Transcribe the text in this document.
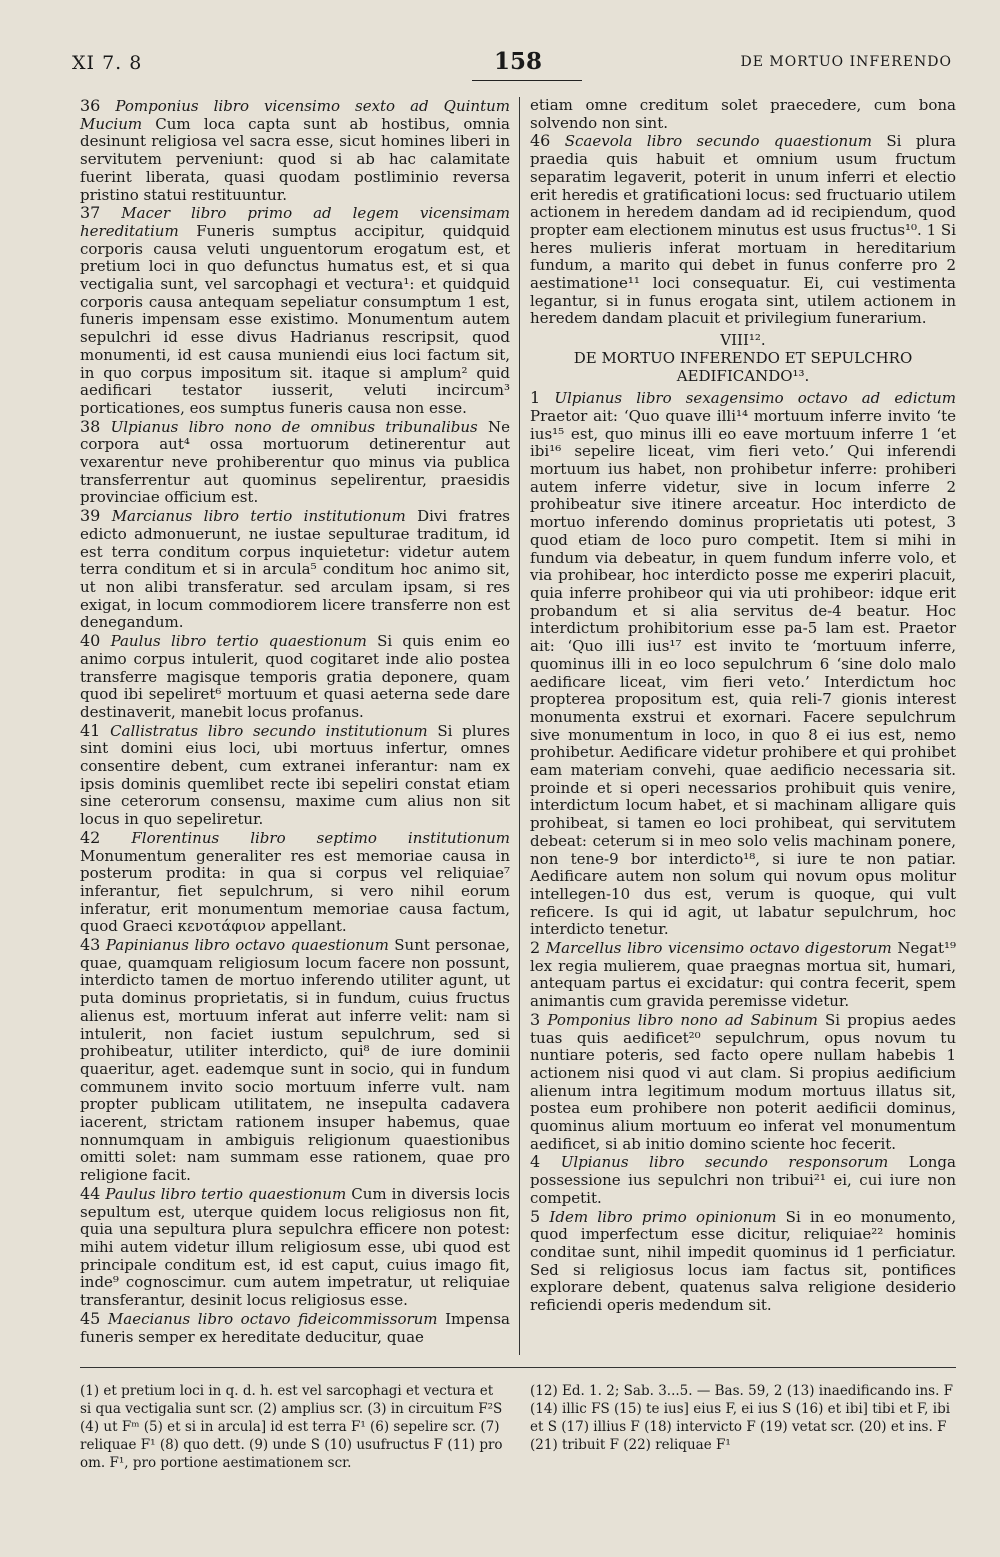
XI 7. 8	158	DE MORTUO INFERENDO

36 Pomponius libro vicensimo sexto ad Quintum Mucium Cum loca capta sunt ab hostibus, omnia desinunt religiosa vel sacra esse, sicut homines liberi in servitutem perveniunt: quod si ab hac calamitate fuerint liberata, quasi quodam postliminio reversa pristino statui restituuntur.

37 Macer libro primo ad legem vicensimam hereditatium Funeris sumptus accipitur, quidquid corporis causa veluti unguentorum erogatum est, et pretium loci in quo defunctus humatus est, et si qua vectigalia sunt, vel sarcophagi et vectura¹: et quidquid corporis causa antequam sepeliatur consumptum 1 est, funeris impensam esse existimo. Monumentum autem sepulchri id esse divus Hadrianus rescripsit, quod monumenti, id est causa muniendi eius loci factum sit, in quo corpus impositum sit. itaque si amplum² quid aedificari testator iusserit, veluti incircum³ porticationes, eos sumptus funeris causa non esse.

38 Ulpianus libro nono de omnibus tribunalibus Ne corpora aut⁴ ossa mortuorum detinerentur aut vexarentur neve prohiberentur quo minus via publica transferrentur aut quominus sepelirentur, praesidis provinciae officium est.

39 Marcianus libro tertio institutionum Divi fratres edicto admonuerunt, ne iustae sepulturae traditum, id est terra conditum corpus inquietetur: videtur autem terra conditum et si in arcula⁵ conditum hoc animo sit, ut non alibi transferatur. sed arculam ipsam, si res exigat, in locum commodiorem licere transferre non est denegandum.

40 Paulus libro tertio quaestionum Si quis enim eo animo corpus intulerit, quod cogitaret inde alio postea transferre magisque temporis gratia deponere, quam quod ibi sepeliret⁶ mortuum et quasi aeterna sede dare destinaverit, manebit locus profanus.

41 Callistratus libro secundo institutionum Si plures sint domini eius loci, ubi mortuus infertur, omnes consentire debent, cum extranei inferantur: nam ex ipsis dominis quemlibet recte ibi sepeliri constat etiam sine ceterorum consensu, maxime cum alius non sit locus in quo sepeliretur.

42 Florentinus libro septimo institutionum Monumentum generaliter res est memoriae causa in posterum prodita: in qua si corpus vel reliquiae⁷ inferantur, fiet sepulchrum, si vero nihil eorum inferatur, erit monumentum memoriae causa factum, quod Graeci κενοτάφιον appellant.

43 Papinianus libro octavo quaestionum Sunt personae, quae, quamquam religiosum locum facere non possunt, interdicto tamen de mortuo inferendo utiliter agunt, ut puta dominus proprietatis, si in fundum, cuius fructus alienus est, mortuum inferat aut inferre velit: nam si intulerit, non faciet iustum sepulchrum, sed si prohibeatur, utiliter interdicto, qui⁸ de iure dominii quaeritur, aget. eademque sunt in socio, qui in fundum communem invito socio mortuum inferre vult. nam propter publicam utilitatem, ne insepulta cadavera iacerent, strictam rationem insuper habemus, quae nonnumquam in ambiguis religionum quaestionibus omitti solet: nam summam esse rationem, quae pro religione facit.

44 Paulus libro tertio quaestionum Cum in diversis locis sepultum est, uterque quidem locus religiosus non fit, quia una sepultura plura sepulchra efficere non potest: mihi autem videtur illum religiosum esse, ubi quod est principale conditum est, id est caput, cuius imago fit, inde⁹ cognoscimur. cum autem impetratur, ut reliquiae transferantur, desinit locus religiosus esse.

45 Maecianus libro octavo fideicommissorum Impensa funeris semper ex hereditate deducitur, quae

etiam omne creditum solet praecedere, cum bona solvendo non sint.

46 Scaevola libro secundo quaestionum Si plura praedia quis habuit et omnium usum fructum separatim legaverit, poterit in unum inferri et electio erit heredis et gratificationi locus: sed fructuario utilem actionem in heredem dandam ad id recipiendum, quod propter eam electionem minutus est usus fructus¹⁰. 1 Si heres mulieris inferat mortuam in hereditarium fundum, a marito qui debet in funus conferre pro 2 aestimatione¹¹ loci consequatur. Ei, cui vestimenta legantur, si in funus erogata sint, utilem actionem in heredem dandam placuit et privilegium funerarium.

VIII¹².

DE MORTUO INFERENDO ET SEPULCHRO
AEDIFICANDO¹³.

1 Ulpianus libro sexagensimo octavo ad edictum Praetor ait: ‘Quo quave illi¹⁴ mortuum inferre invito ‘te ius¹⁵ est, quo minus illi eo eave mortuum inferre 1 ‘et ibi¹⁶ sepelire liceat, vim fieri veto.’ Qui inferendi mortuum ius habet, non prohibetur inferre: prohiberi autem inferre videtur, sive in locum inferre 2 prohibeatur sive itinere arceatur. Hoc interdicto de mortuo inferendo dominus proprietatis uti potest, 3 quod etiam de loco puro competit. Item si mihi in fundum via debeatur, in quem fundum inferre volo, et via prohibear, hoc interdicto posse me experiri placuit, quia inferre prohibeor qui via uti prohibeor: idque erit probandum et si alia servitus de-4 beatur. Hoc interdictum prohibitorium esse pa-5 lam est. Praetor ait: ‘Quo illi ius¹⁷ est invito te ‘mortuum inferre, quominus illi in eo loco sepulchrum 6 ‘sine dolo malo aedificare liceat, vim fieri veto.’ Interdictum hoc propterea propositum est, quia reli-7 gionis interest monumenta exstrui et exornari. Facere sepulchrum sive monumentum in loco, in quo 8 ei ius est, nemo prohibetur. Aedificare videtur prohibere et qui prohibet eam materiam convehi, quae aedificio necessaria sit. proinde et si operi necessarios prohibuit quis venire, interdictum locum habet, et si machinam alligare quis prohibeat, si tamen eo loci prohibeat, qui servitutem debeat: ceterum si in meo solo velis machinam ponere, non tene-9 bor interdicto¹⁸, si iure te non patiar. Aedificare autem non solum qui novum opus molitur intellegen-10 dus est, verum is quoque, qui vult reficere. Is qui id agit, ut labatur sepulchrum, hoc interdicto tenetur.

2 Marcellus libro vicensimo octavo digestorum Negat¹⁹ lex regia mulierem, quae praegnas mortua sit, humari, antequam partus ei excidatur: qui contra fecerit, spem animantis cum gravida peremisse videtur.

3 Pomponius libro nono ad Sabinum Si propius aedes tuas quis aedificet²⁰ sepulchrum, opus novum tu nuntiare poteris, sed facto opere nullam habebis 1 actionem nisi quod vi aut clam. Si propius aedificium alienum intra legitimum modum mortuus illatus sit, postea eum prohibere non poterit aedificii dominus, quominus alium mortuum eo inferat vel monumentum aedificet, si ab initio domino sciente hoc fecerit.

4 Ulpianus libro secundo responsorum Longa possessione ius sepulchri non tribui²¹ ei, cui iure non competit.

5 Idem libro primo opinionum Si in eo monumento, quod imperfectum esse dicitur, reliquiae²² hominis conditae sunt, nihil impedit quominus id 1 perficiatur. Sed si religiosus locus iam factus sit, pontifices explorare debent, quatenus salva religione desiderio reficiendi operis medendum sit.

(1) et pretium loci in q. d. h. est vel sarcophagi et vectura et si qua vectigalia sunt scr. (2) amplius scr. (3) in circuitum F²S (4) ut Fᵐ (5) et si in arcula] id est terra F¹ (6) sepelire scr. (7) reliquae F¹ (8) quo dett. (9) unde S (10) usufructus F (11) pro om. F¹, pro portione aestimationem scr.
(12) Ed. 1. 2; Sab. 3...5. — Bas. 59, 2 (13) inaedificando ins. F (14) illic FS (15) te ius] eius F, ei ius S (16) et ibi] tibi et F, ibi et S (17) illius F (18) intervicto F (19) vetat scr. (20) et ins. F (21) tribuit F (22) reliquae F¹
